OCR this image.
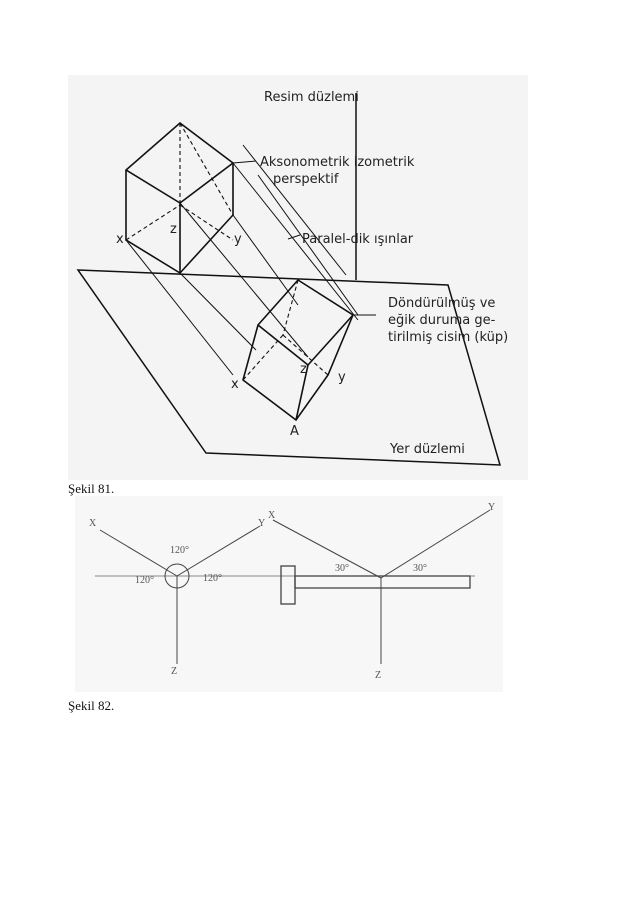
Resim düzlemi
Aksonometrik izometrik
perspektif
Paralel-dik ışınlar
Döndürülmüş ve
eğik duruma ge-
tirilmiş cisim (küp)
Yer düzlemi
x	y
z
x	y
z
A
Şekil 81.
X	Y
Z
120°
120°	120°
X
Y
Z
30°	30°
Şekil 82.
